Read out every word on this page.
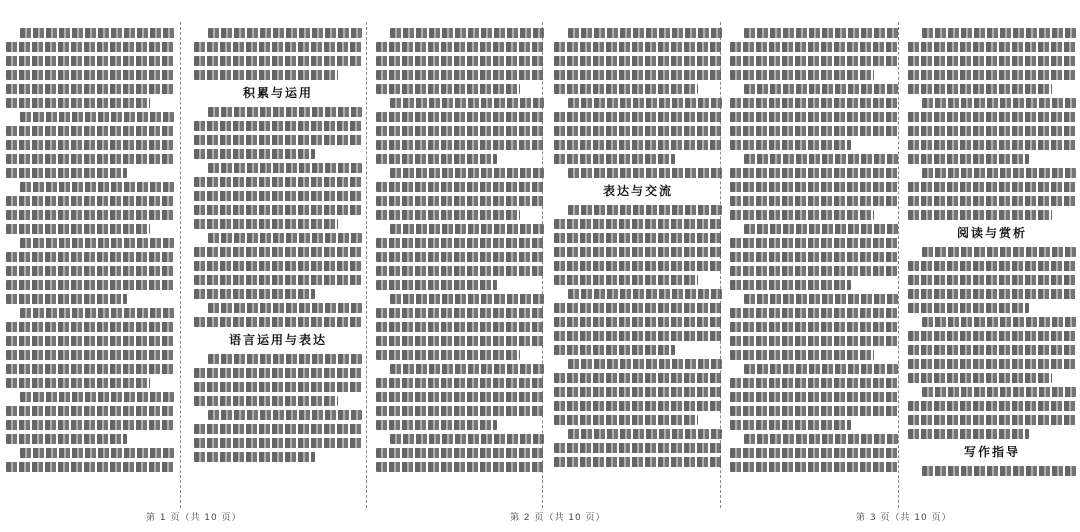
积累与运用
语言运用与表达
表达与交流
阅读与赏析
写作指导
第 1 页（共 10 页）	第 2 页（共 10 页）	第 3 页（共 10 页）
